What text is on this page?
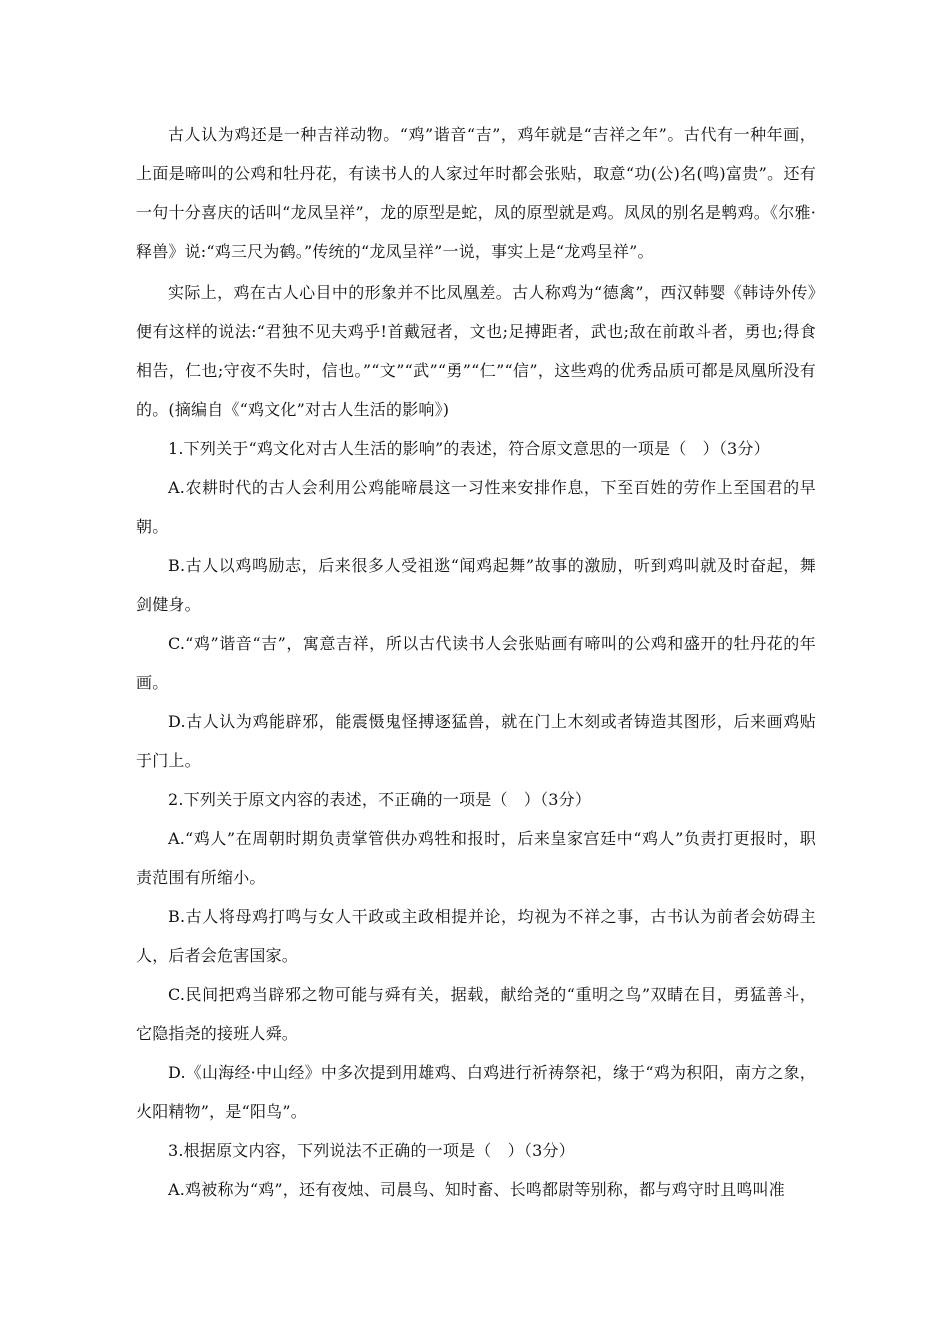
古人认为鸡还是一种吉祥动物。“鸡”谐音“吉”，鸡年就是“吉祥之年”。古代有一种年画，上面是啼叫的公鸡和牡丹花，有读书人的人家过年时都会张贴，取意“功(公)名(鸣)富贵”。还有一句十分喜庆的话叫“龙凤呈祥”，龙的原型是蛇，凤的原型就是鸡。凤凤的别名是鹎鸡。《尔雅·释兽》说:“鸡三尺为鹤。”传统的“龙凤呈祥”一说，事实上是“龙鸡呈祥”。

实际上，鸡在古人心目中的形象并不比凤凰差。古人称鸡为“德禽”，西汉韩婴《韩诗外传》便有这样的说法:“君独不见夫鸡乎!首戴冠者，文也;足搏距者，武也;敌在前敢斗者，勇也;得食相告，仁也;守夜不失时，信也。”“文”“武”“勇”“仁”“信”，这些鸡的优秀品质可都是凤凰所没有的。(摘编自《“鸡文化”对古人生活的影响》)

1.下列关于“鸡文化对古人生活的影响”的表述，符合原文意思的一项是（　）（3分）

A.农耕时代的古人会利用公鸡能啼晨这一习性来安排作息，下至百姓的劳作上至国君的早朝。

B.古人以鸡鸣励志，后来很多人受祖逖“闻鸡起舞”故事的激励，听到鸡叫就及时奋起，舞剑健身。

C.“鸡”谐音“吉”，寓意吉祥，所以古代读书人会张贴画有啼叫的公鸡和盛开的牡丹花的年画。

D.古人认为鸡能辟邪，能震慑鬼怪搏逐猛兽，就在门上木刻或者铸造其图形，后来画鸡贴于门上。

2.下列关于原文内容的表述，不正确的一项是（　）（3分）

A.“鸡人”在周朝时期负责掌管供办鸡牲和报时，后来皇家宫廷中“鸡人”负责打更报时，职责范围有所缩小。

B.古人将母鸡打鸣与女人干政或主政相提并论，均视为不祥之事，古书认为前者会妨碍主人，后者会危害国家。

C.民间把鸡当辟邪之物可能与舜有关，据载，献给尧的“重明之鸟”双睛在目，勇猛善斗，它隐指尧的接班人舜。

D.《山海经·中山经》中多次提到用雄鸡、白鸡进行祈祷祭祀，缘于“鸡为积阳，南方之象，火阳精物”，是“阳鸟”。

3.根据原文内容，下列说法不正确的一项是（　）（3分）

A.鸡被称为“鸡”，还有夜烛、司晨鸟、知时畜、长鸣都尉等别称，都与鸡守时且鸣叫准
